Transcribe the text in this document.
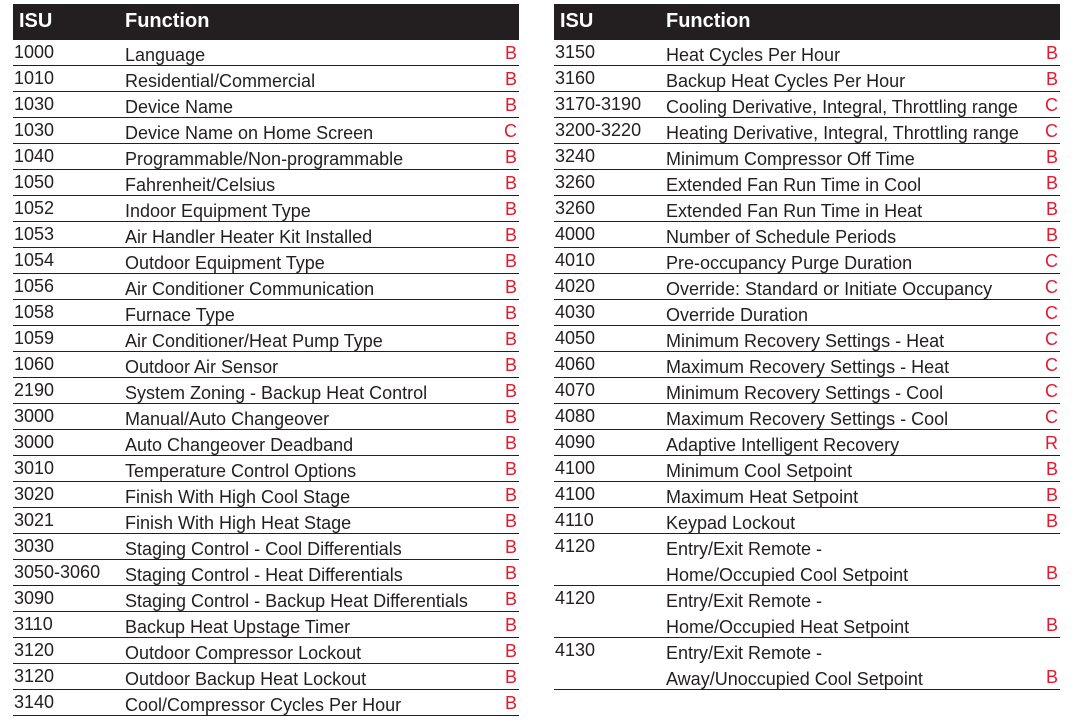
ISU	Function
1000	Language	B
1010	Residential/Commercial	B
1030	Device Name	B
1030	Device Name on Home Screen	C
1040	Programmable/Non-programmable	B
1050	Fahrenheit/Celsius	B
1052	Indoor Equipment Type	B
1053	Air Handler Heater Kit Installed	B
1054	Outdoor Equipment Type	B
1056	Air Conditioner Communication	B
1058	Furnace Type	B
1059	Air Conditioner/Heat Pump Type	B
1060	Outdoor Air Sensor	B
2190	System Zoning - Backup Heat Control	B
3000	Manual/Auto Changeover	B
3000	Auto Changeover Deadband	B
3010	Temperature Control Options	B
3020	Finish With High Cool Stage	B
3021	Finish With High Heat Stage	B
3030	Staging Control - Cool Differentials	B
3050-3060 Staging Control - Heat Differentials	B
3090	Staging Control - Backup Heat Differentials B
3110	Backup Heat Upstage Timer	B
3120	Outdoor Compressor Lockout	B
3120	Outdoor Backup Heat Lockout	B
3140	Cool/Compressor Cycles Per Hour	B
ISU	Function
3150	Heat Cycles Per Hour	B
3160	Backup Heat Cycles Per Hour	B
3170-3190 Cooling Derivative, Integral, Throttling range C
3200-3220 Heating Derivative, Integral, Throttling range C
3240	Minimum Compressor Off Time	B
3260	Extended Fan Run Time in Cool	B
3260	Extended Fan Run Time in Heat	B
4000	Number of Schedule Periods	B
4010	Pre-occupancy Purge Duration	C
4020	Override: Standard or Initiate Occupancy	C
4030	Override Duration	C
4050	Minimum Recovery Settings - Heat	C
4060	Maximum Recovery Settings - Heat	C
4070	Minimum Recovery Settings - Cool	C
4080	Maximum Recovery Settings - Cool	C
4090	Adaptive Intelligent Recovery	R
4100	Minimum Cool Setpoint	B
4100	Maximum Heat Setpoint	B
4110	Keypad Lockout	B
4120	Entry/Exit Remote -
Home/Occupied Cool Setpoint	B
4120	Entry/Exit Remote -
Home/Occupied Heat Setpoint	B
4130	Entry/Exit Remote -
Away/Unoccupied Cool Setpoint	B
